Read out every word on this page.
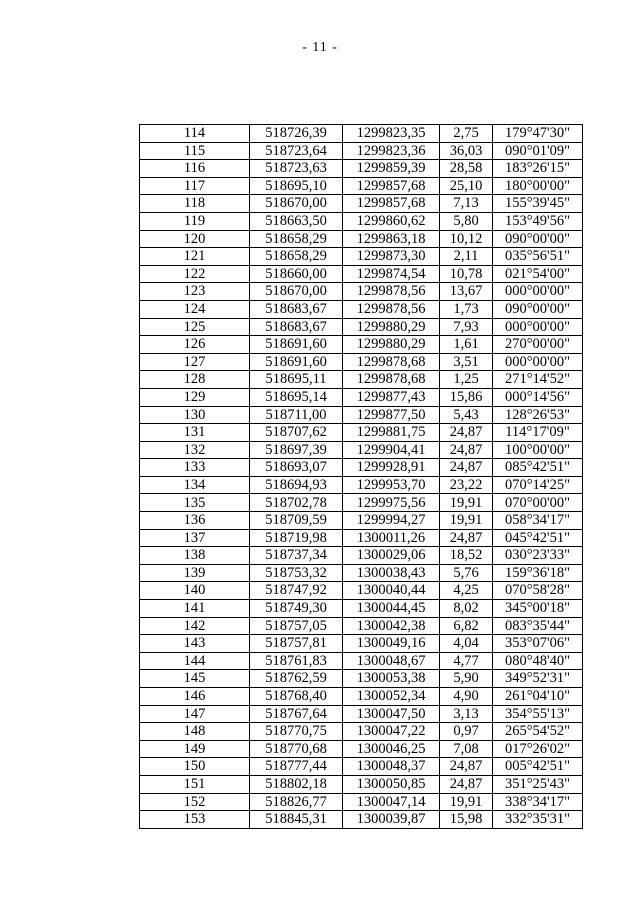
- 11 -
114	518726,39	1299823,35	2,75	179°47'30"
115	518723,64	1299823,36	36,03	090°01'09"
116	518723,63	1299859,39	28,58	183°26'15"
117	518695,10	1299857,68	25,10	180°00'00"
118	518670,00	1299857,68	7,13	155°39'45"
119	518663,50	1299860,62	5,80	153°49'56"
120	518658,29	1299863,18	10,12	090°00'00"
121	518658,29	1299873,30	2,11	035°56'51"
122	518660,00	1299874,54	10,78	021°54'00"
123	518670,00	1299878,56	13,67	000°00'00"
124	518683,67	1299878,56	1,73	090°00'00"
125	518683,67	1299880,29	7,93	000°00'00"
126	518691,60	1299880,29	1,61	270°00'00"
127	518691,60	1299878,68	3,51	000°00'00"
128	518695,11	1299878,68	1,25	271°14'52"
129	518695,14	1299877,43	15,86	000°14'56"
130	518711,00	1299877,50	5,43	128°26'53"
131	518707,62	1299881,75	24,87	114°17'09"
132	518697,39	1299904,41	24,87	100°00'00"
133	518693,07	1299928,91	24,87	085°42'51"
134	518694,93	1299953,70	23,22	070°14'25"
135	518702,78	1299975,56	19,91	070°00'00"
136	518709,59	1299994,27	19,91	058°34'17"
137	518719,98	1300011,26	24,87	045°42'51"
138	518737,34	1300029,06	18,52	030°23'33"
139	518753,32	1300038,43	5,76	159°36'18"
140	518747,92	1300040,44	4,25	070°58'28"
141	518749,30	1300044,45	8,02	345°00'18"
142	518757,05	1300042,38	6,82	083°35'44"
143	518757,81	1300049,16	4,04	353°07'06"
144	518761,83	1300048,67	4,77	080°48'40"
145	518762,59	1300053,38	5,90	349°52'31"
146	518768,40	1300052,34	4,90	261°04'10"
147	518767,64	1300047,50	3,13	354°55'13"
148	518770,75	1300047,22	0,97	265°54'52"
149	518770,68	1300046,25	7,08	017°26'02"
150	518777,44	1300048,37	24,87	005°42'51"
151	518802,18	1300050,85	24,87	351°25'43"
152	518826,77	1300047,14	19,91	338°34'17"
153	518845,31	1300039,87	15,98	332°35'31"
